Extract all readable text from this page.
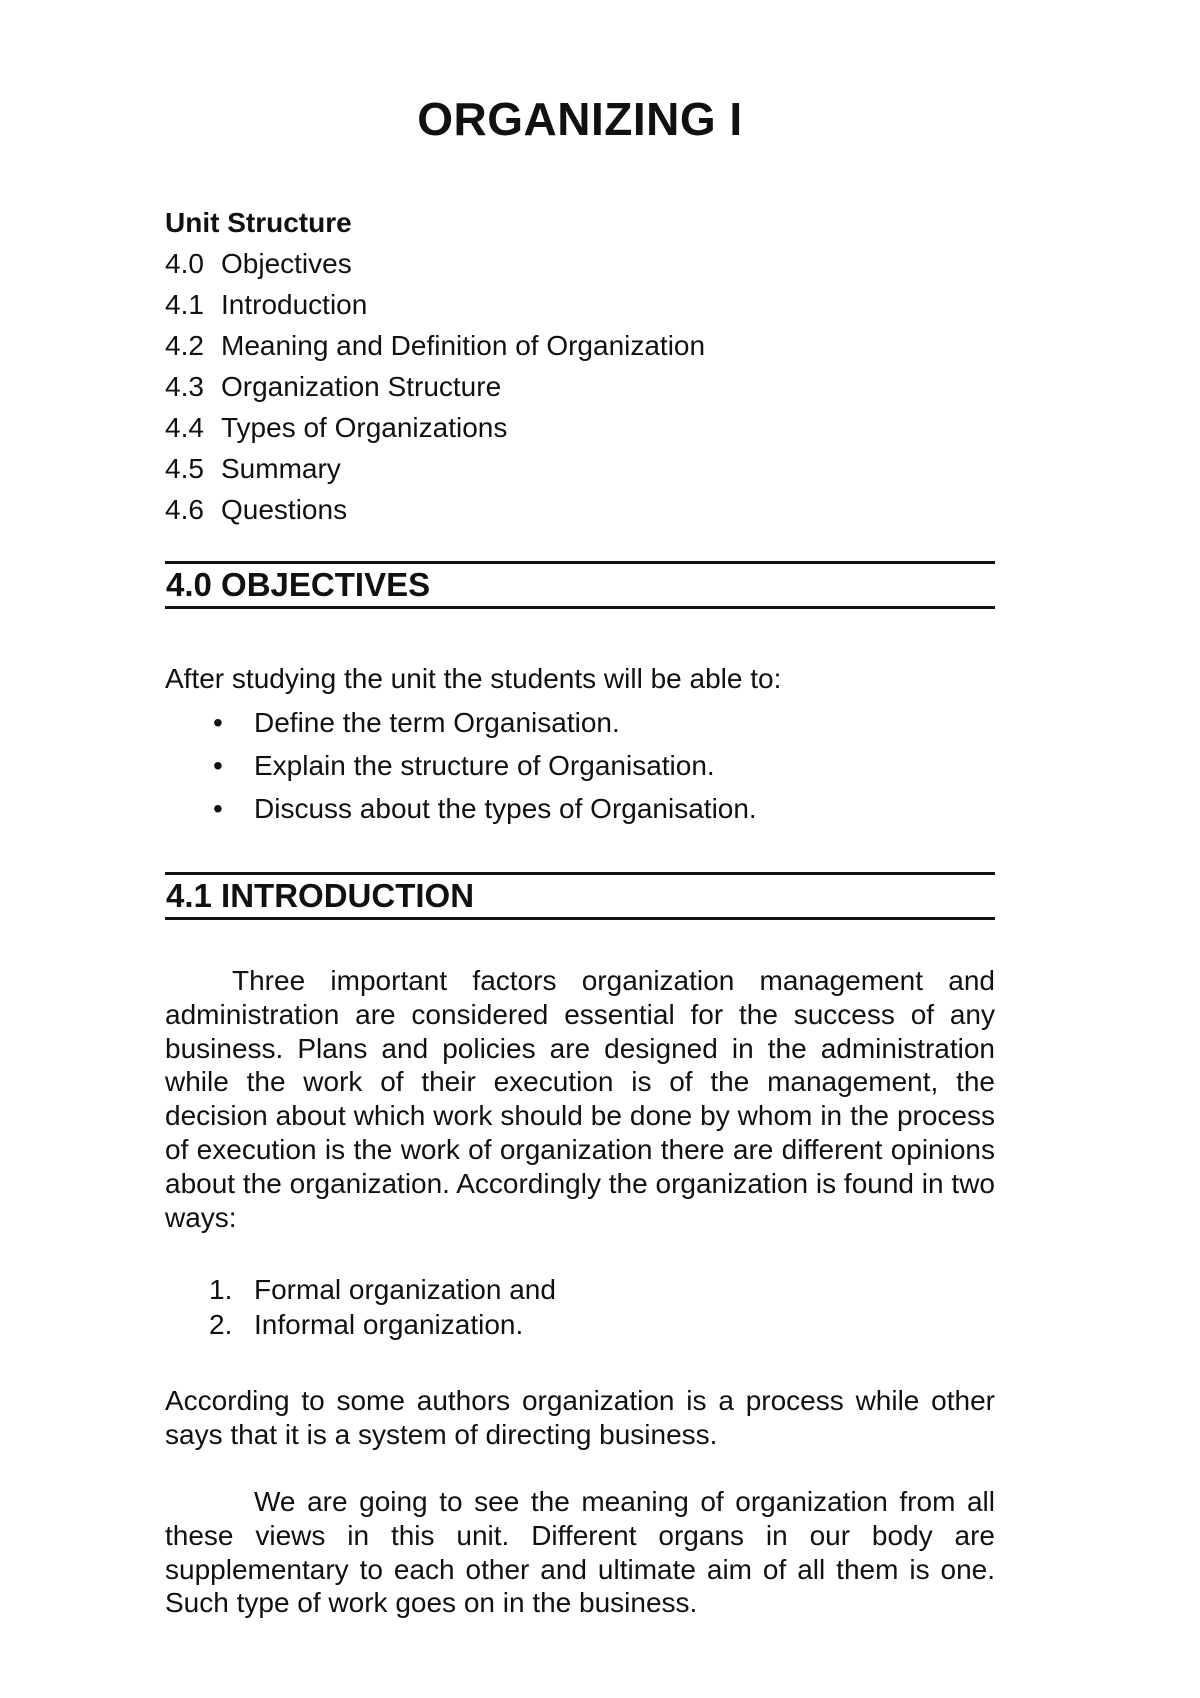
ORGANIZING I

Unit Structure

4.0 Objectives
4.1 Introduction
4.2 Meaning and Definition of Organization
4.3 Organization Structure
4.4 Types of Organizations
4.5 Summary
4.6 Questions
4.0 OBJECTIVES

After studying the unit the students will be able to:

• Define the term Organisation.
• Explain the structure of Organisation.
• Discuss about the types of Organisation.
4.1 INTRODUCTION

Three important factors organization management and administration are considered essential for the success of any business. Plans and policies are designed in the administration while the work of their execution is of the management, the decision about which work should be done by whom in the process of execution is the work of organization there are different opinions about the organization. Accordingly the organization is found in two ways:

1. Formal organization and
2. Informal organization.

According to some authors organization is a process while other says that it is a system of directing business.

We are going to see the meaning of organization from all these views in this unit. Different organs in our body are supplementary to each other and ultimate aim of all them is one. Such type of work goes on in the business.
